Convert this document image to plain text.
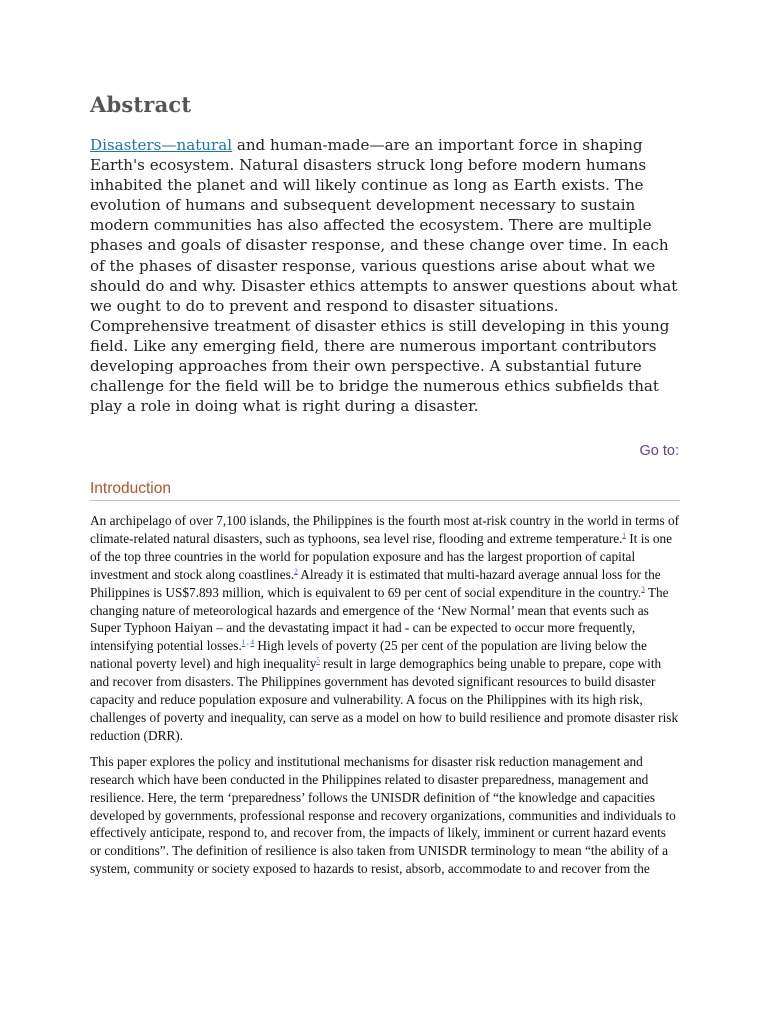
Abstract

Disasters—natural and human-made—are an important force in shaping Earth's ecosystem. Natural disasters struck long before modern humans inhabited the planet and will likely continue as long as Earth exists. The evolution of humans and subsequent development necessary to sustain modern communities has also affected the ecosystem. There are multiple phases and goals of disaster response, and these change over time. In each of the phases of disaster response, various questions arise about what we should do and why. Disaster ethics attempts to answer questions about what we ought to do to prevent and respond to disaster situations. Comprehensive treatment of disaster ethics is still developing in this young field. Like any emerging field, there are numerous important contributors developing approaches from their own perspective. A substantial future challenge for the field will be to bridge the numerous ethics subfields that play a role in doing what is right during a disaster.

Go to:
Introduction

An archipelago of over 7,100 islands, the Philippines is the fourth most at-risk country in the world in terms of climate-related natural disasters, such as typhoons, sea level rise, flooding and extreme temperature.$^1$ It is one of the top three countries in the world for population exposure and has the largest proportion of capital investment and stock along coastlines.$^2$ Already it is estimated that multi-hazard average annual loss for the Philippines is US$7.893 million, which is equivalent to 69 per cent of social expenditure in the country.$^3$ The changing nature of meteorological hazards and emergence of the ‘New Normal’ mean that events such as Super Typhoon Haiyan – and the devastating impact it had - can be expected to occur more frequently, intensifying potential losses.$^{1 , 4}$ High levels of poverty (25 per cent of the population are living below the national poverty level) and high inequality$^5$ result in large demographics being unable to prepare, cope with and recover from disasters. The Philippines government has devoted significant resources to build disaster capacity and reduce population exposure and vulnerability. A focus on the Philippines with its high risk, challenges of poverty and inequality, can serve as a model on how to build resilience and promote disaster risk reduction (DRR).

This paper explores the policy and institutional mechanisms for disaster risk reduction management and research which have been conducted in the Philippines related to disaster preparedness, management and resilience. Here, the term ‘preparedness’ follows the UNISDR definition of “the knowledge and capacities developed by governments, professional response and recovery organizations, communities and individuals to effectively anticipate, respond to, and recover from, the impacts of likely, imminent or current hazard events or conditions”. The definition of resilience is also taken from UNISDR terminology to mean “the ability of a system, community or society exposed to hazards to resist, absorb, accommodate to and recover from the
